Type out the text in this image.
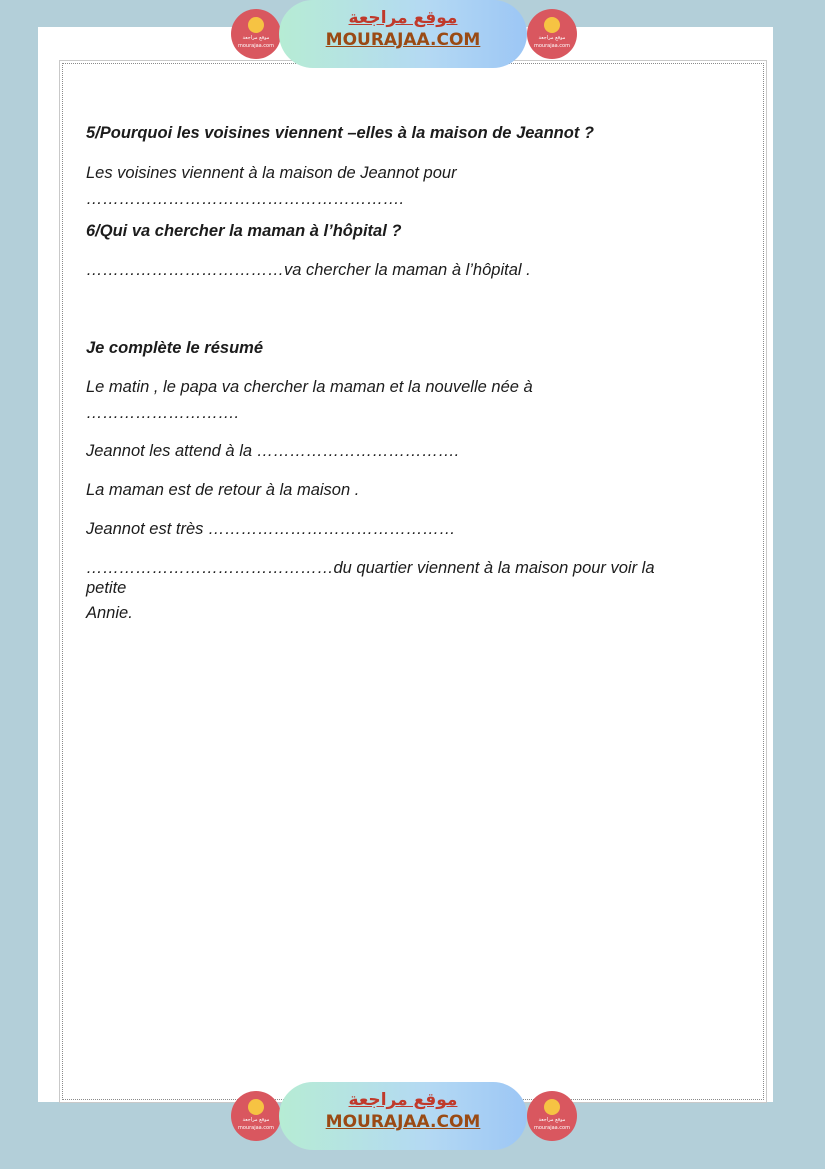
5/Pourquoi les voisines viennent –elles à la maison de Jeannot ?

Les voisines viennent à la maison de Jeannot pour

………………………………………………….

6/Qui va chercher la maman à l’hôpital ?

………………………………va chercher la maman à l’hôpital .

Je complète le résumé

Le matin , le papa va chercher la maman et la nouvelle née à

……………………….

Jeannot les attend à la ……………………………….

La maman est de retour à la maison .

Jeannot est très ………………………………………

………………………………………du quartier viennent à la maison pour voir la petite

Annie.

موقع مراجعة
mourajaa.com
موقع مراجعة
MOURAJAA.COM	موقع مراجعة
mourajaa.com
موقع مراجعة
mourajaa.com
موقع مراجعة
MOURAJAA.COM	موقع مراجعة
mourajaa.com
